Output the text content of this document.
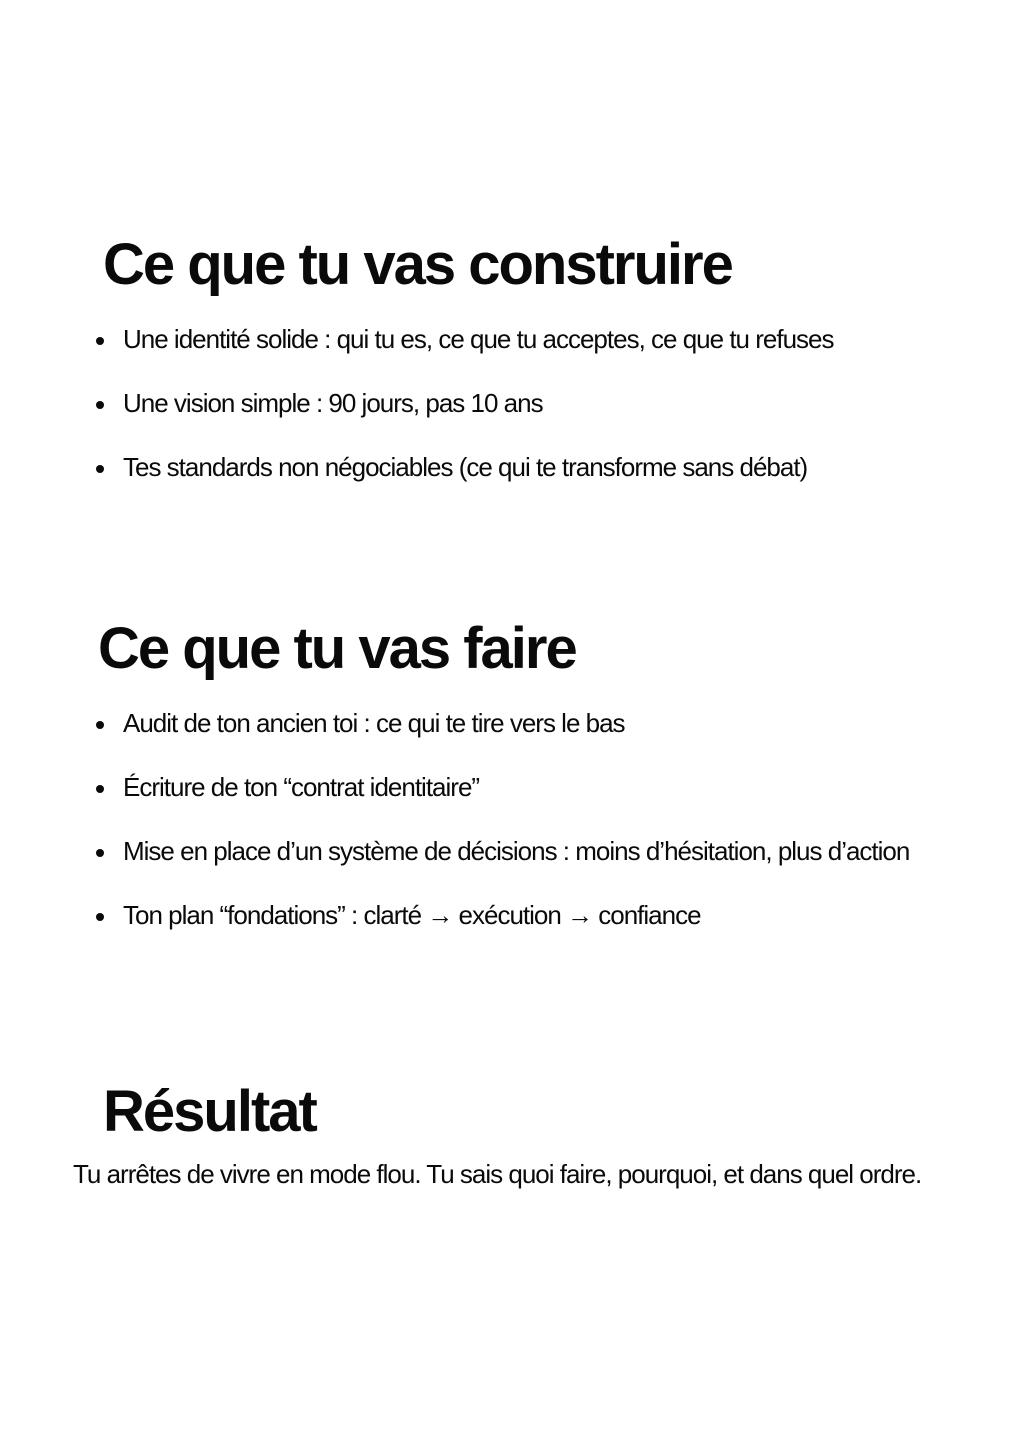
Ce que tu vas construire
Une identité solide : qui tu es, ce que tu acceptes, ce que tu refuses
Une vision simple : 90 jours, pas 10 ans
Tes standards non négociables (ce qui te transforme sans débat)
Ce que tu vas faire
Audit de ton ancien toi : ce qui te tire vers le bas
Écriture de ton “contrat identitaire”
Mise en place d’un système de décisions : moins d’hésitation, plus d’action
Ton plan “fondations” : clarté → exécution → confiance
Résultat

Tu arrêtes de vivre en mode flou. Tu sais quoi faire, pourquoi, et dans quel ordre.
